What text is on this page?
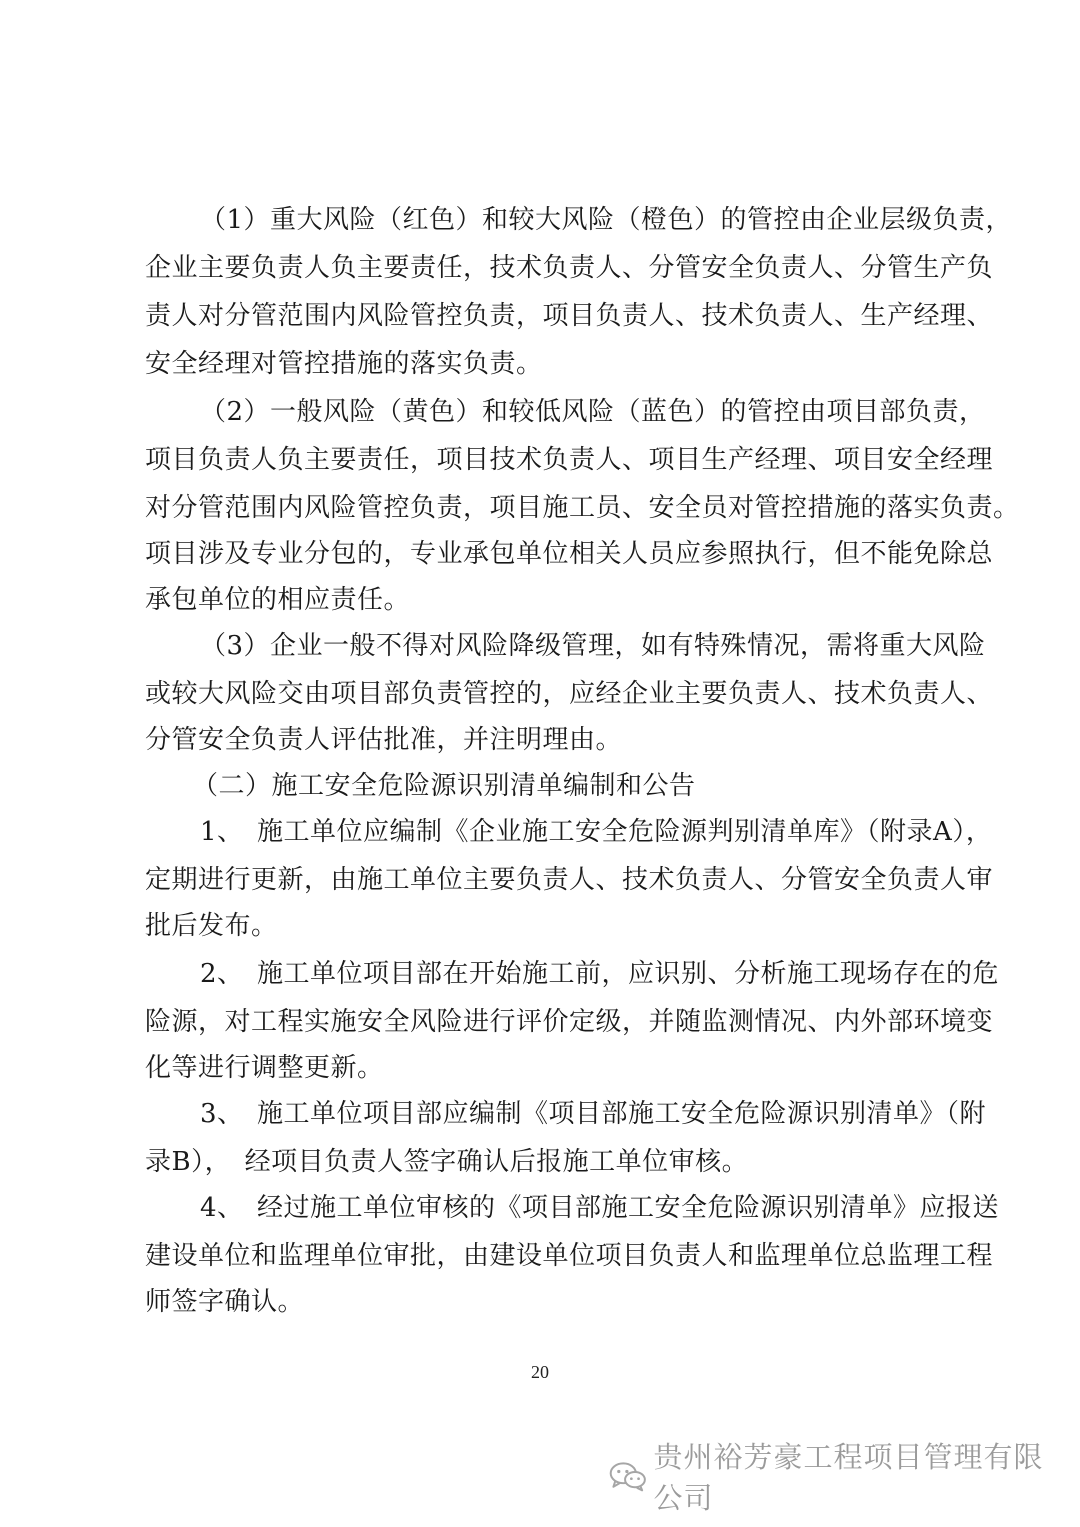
（1）重大风险（红色）和较大风险（橙色）的管控由企业层级负责，
企业主要负责人负主要责任，技术负责人、分管安全负责人、分管生产负
责人对分管范围内风险管控负责，项目负责人、技术负责人、生产经理、
安全经理对管控措施的落实负责。
（2）一般风险（黄色）和较低风险（蓝色）的管控由项目部负责，
项目负责人负主要责任，项目技术负责人、项目生产经理、项目安全经理
对分管范围内风险管控负责，项目施工员、安全员对管控措施的落实负责。
项目涉及专业分包的，专业承包单位相关人员应参照执行，但不能免除总
承包单位的相应责任。
（3）企业一般不得对风险降级管理，如有特殊情况，需将重大风险
或较大风险交由项目部负责管控的，应经企业主要负责人、技术负责人、
分管安全负责人评估批准，并注明理由。
（二）施工安全危险源识别清单编制和公告
1、　施工单位应编制《企业施工安全危险源判别清单库》（附录A），
定期进行更新，由施工单位主要负责人、技术负责人、分管安全负责人审
批后发布。
2、　施工单位项目部在开始施工前，应识别、分析施工现场存在的危
险源，对工程实施安全风险进行评价定级，并随监测情况、内外部环境变
化等进行调整更新。
3、　施工单位项目部应编制《项目部施工安全危险源识别清单》（附
录B），　经项目负责人签字确认后报施工单位审核。
4、　经过施工单位审核的《项目部施工安全危险源识别清单》应报送
建设单位和监理单位审批，由建设单位项目负责人和监理单位总监理工程
师签字确认。
20
贵州裕芳豪工程项目管理有限公司
